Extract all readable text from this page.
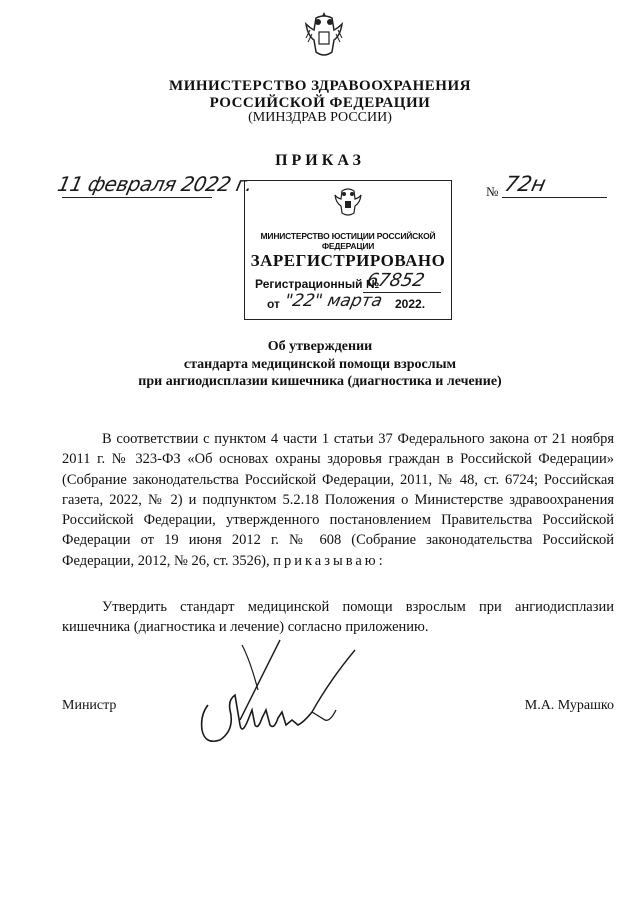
МИНИСТЕРСТВО ЗДРАВООХРАНЕНИЯ
РОССИЙСКОЙ ФЕДЕРАЦИИ
(МИНЗДРАВ РОССИИ)
ПРИКАЗ
11 февраля 2022 г.	№ 72н
МИНИСТЕРСТВО ЮСТИЦИИ РОССИЙСКОЙ ФЕДЕРАЦИИ
ЗАРЕГИСТРИРОВАНО
Регистрационный №
67852
от "22" марта 2022.
Об утверждении
стандарта медицинской помощи взрослым
при ангиодисплазии кишечника (диагностика и лечение)
В соответствии с пунктом 4 части 1 статьи 37 Федерального закона от 21 ноября 2011 г. № 323-ФЗ «Об основах охраны здоровья граждан в Российской Федерации» (Собрание законодательства Российской Федерации, 2011, № 48, ст. 6724; Российская газета, 2022, № 2) и подпунктом 5.2.18 Положения о Министерстве здравоохранения Российской Федерации, утвержденного постановлением Правительства Российской Федерации от 19 июня 2012 г. № 608 (Собрание законодательства Российской Федерации, 2012, № 26, ст. 3526), приказываю:
Утвердить стандарт медицинской помощи взрослым при ангиодисплазии кишечника (диагностика и лечение) согласно приложению.
Министр	М.А. Мурашко
